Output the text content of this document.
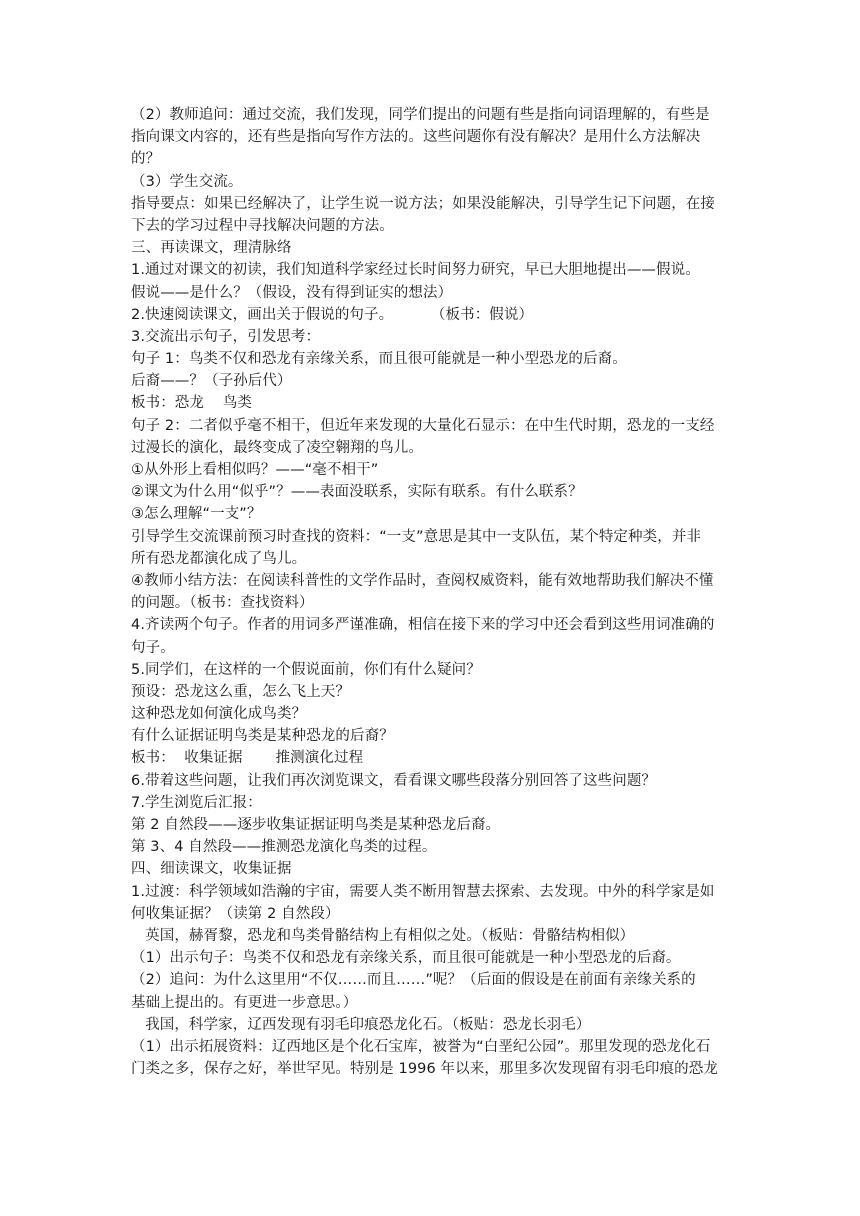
（2）教师追问：通过交流，我们发现，同学们提出的问题有些是指向词语理解的，有些是
指向课文内容的，还有些是指向写作方法的。这些问题你有没有解决？是用什么方法解决
的？
（3）学生交流。
指导要点：如果已经解决了，让学生说一说方法；如果没能解决，引导学生记下问题，在接
下去的学习过程中寻找解决问题的方法。
三、再读课文，理清脉络
1.通过对课文的初读，我们知道科学家经过长时间努力研究，早已大胆地提出——假说。
假说——是什么？（假设，没有得到证实的想法）
2.快速阅读课文，画出关于假说的句子。        （板书：假说）
3.交流出示句子，引发思考：
句子 1：鸟类不仅和恐龙有亲缘关系，而且很可能就是一种小型恐龙的后裔。
后裔——？（子孙后代）
板书：恐龙    鸟类
句子 2：二者似乎毫不相干，但近年来发现的大量化石显示：在中生代时期，恐龙的一支经
过漫长的演化，最终变成了凌空翱翔的鸟儿。
①从外形上看相似吗？——“毫不相干”
②课文为什么用“似乎”？——表面没联系，实际有联系。有什么联系？
③怎么理解“一支”？
引导学生交流课前预习时查找的资料：“一支”意思是其中一支队伍，某个特定种类，并非
所有恐龙都演化成了鸟儿。
④教师小结方法：在阅读科普性的文学作品时，查阅权威资料，能有效地帮助我们解决不懂
的问题。（板书：查找资料）
4.齐读两个句子。作者的用词多严谨准确，相信在接下来的学习中还会看到这些用词准确的
句子。
5.同学们，在这样的一个假说面前，你们有什么疑问？
预设：恐龙这么重，怎么飞上天？
这种恐龙如何演化成鸟类？
有什么证据证明鸟类是某种恐龙的后裔？
板书：  收集证据       推测演化过程
6.带着这些问题，让我们再次浏览课文，看看课文哪些段落分别回答了这些问题？
7.学生浏览后汇报：
第 2 自然段——逐步收集证据证明鸟类是某种恐龙后裔。
第 3、4 自然段——推测恐龙演化鸟类的过程。
四、细读课文，收集证据
1.过渡：科学领域如浩瀚的宇宙，需要人类不断用智慧去探索、去发现。中外的科学家是如
何收集证据？（读第 2 自然段）
英国，赫胥黎，恐龙和鸟类骨骼结构上有相似之处。（板贴：骨骼结构相似）
（1）出示句子：鸟类不仅和恐龙有亲缘关系，而且很可能就是一种小型恐龙的后裔。
（2）追问：为什么这里用“不仅……而且……”呢？（后面的假设是在前面有亲缘关系的
基础上提出的。有更进一步意思。）
我国，科学家，辽西发现有羽毛印痕恐龙化石。（板贴：恐龙长羽毛）
（1）出示拓展资料：辽西地区是个化石宝库，被誉为“白垩纪公园”。那里发现的恐龙化石
门类之多，保存之好，举世罕见。特别是 1996 年以来，那里多次发现留有羽毛印痕的恐龙
